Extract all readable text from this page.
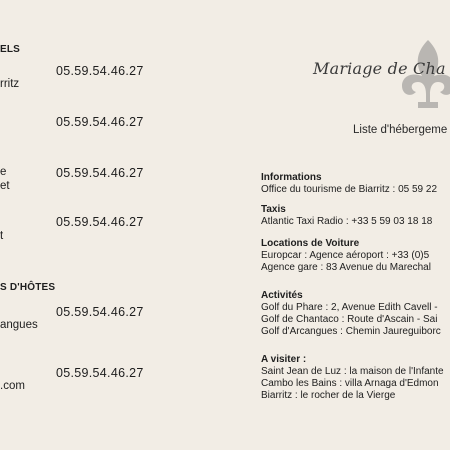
ELS
05.59.54.46.27
rritz
05.59.54.46.27
05.59.54.46.27
e
et
05.59.54.46.27
t
S D'HÔTES
05.59.54.46.27
angues
05.59.54.46.27
.com
Mariage de Cha
Liste d'hébergeme
Informations
Office du tourisme de Biarritz : 05 59 22
Taxis
Atlantic Taxi Radio : +33 5 59 03 18 18
Locations de Voiture
Europcar : Agence aéroport : +33 (0)5
Agence gare : 83 Avenue du Marechal
Activités
Golf du Phare : 2, Avenue Edith Cavell -
Golf de Chantaco : Route d'Ascain - Sai
Golf d'Arcangues : Chemin Jaureguiborc
A visiter :
Saint Jean de Luz : la maison de l'Infante
Cambo les Bains : villa Arnaga d'Edmon
Biarritz : le rocher de la Vierge
